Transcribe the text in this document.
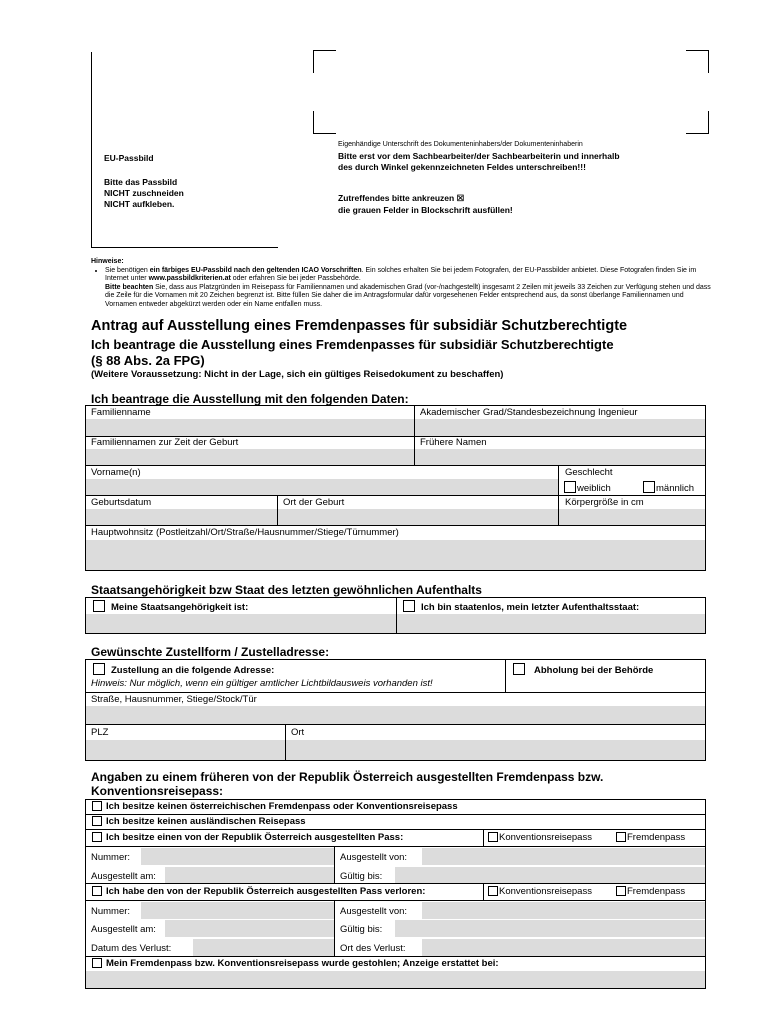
EU-Passbild
Bitte das Passbild
NICHT zuschneiden
NICHT aufkleben.
Eigenhändige Unterschrift des Dokumenteninhabers/der Dokumenteninhaberin
Bitte erst vor dem Sachbearbeiter/der Sachbearbeiterin und innerhalb
des durch Winkel gekennzeichneten Feldes unterschreiben!!!
Zutreffendes bitte ankreuzen ☒
die grauen Felder in Blockschrift ausfüllen!
Hinweise:
• Sie benötigen ein färbiges EU-Passbild nach den geltenden ICAO Vorschriften. Ein solches erhalten Sie bei jedem Fotografen, der EU-Passbilder anbietet. Diese Fotografen finden Sie im Internet unter www.passbildkriterien.at oder erfahren Sie bei jeder Passbehörde.
Bitte beachten Sie, dass aus Platzgründen im Reisepass für Familiennamen und akademischen Grad (vor-/nachgestellt) insgesamt 2 Zeilen mit jeweils 33 Zeichen zur Verfügung stehen und dass die Zeile für die Vornamen mit 20 Zeichen begrenzt ist. Bitte füllen Sie daher die im Antragsformular dafür vorgesehenen Felder entsprechend aus, da sonst überlange Familiennamen und Vornamen entweder abgekürzt werden oder ein Name entfallen muss.
Antrag auf Ausstellung eines Fremdenpasses für subsidiär Schutzberechtigte
Ich beantrage die Ausstellung eines Fremdenpasses für subsidiär Schutzberechtigte
(§ 88 Abs. 2a FPG)
(Weitere Voraussetzung: Nicht in der Lage, sich ein gültiges Reisedokument zu beschaffen)
Ich beantrage die Ausstellung mit den folgenden Daten:
Familienname	Akademischer Grad/Standesbezeichnung Ingenieur
Familiennamen zur Zeit der Geburt	Frühere Namen
Vorname(n)	Geschlecht
weiblich	männlich
Geburtsdatum	Ort der Geburt	Körpergröße in cm
Hauptwohnsitz (Postleitzahl/Ort/Straße/Hausnummer/Stiege/Türnummer)
Staatsangehörigkeit bzw Staat des letzten gewöhnlichen Aufenthalts
Meine Staatsangehörigkeit ist:	Ich bin staatenlos, mein letzter Aufenthaltsstaat:
Gewünschte Zustellform / Zustelladresse:
Zustellung an die folgende Adresse:
Hinweis: Nur möglich, wenn ein gültiger amtlicher Lichtbildausweis vorhanden ist!
Abholung bei der Behörde
Straße, Hausnummer, Stiege/Stock/Tür
PLZ	Ort
Angaben zu einem früheren von der Republik Österreich ausgestellten Fremdenpass bzw.
Konventionsreisepass:
Ich besitze keinen österreichischen Fremdenpass oder Konventionsreisepass
Ich besitze keinen ausländischen Reisepass
Ich besitze einen von der Republik Österreich ausgestellten Pass:	Konventionsreisepass	Fremdenpass
Nummer:	Ausgestellt von:
Ausgestellt am:	Gültig bis:
Ich habe den von der Republik Österreich ausgestellten Pass verloren:	Konventionsreisepass	Fremdenpass
Nummer:	Ausgestellt von:
Ausgestellt am:	Gültig bis:
Datum des Verlust:	Ort des Verlust:
Mein Fremdenpass bzw. Konventionsreisepass wurde gestohlen; Anzeige erstattet bei:
